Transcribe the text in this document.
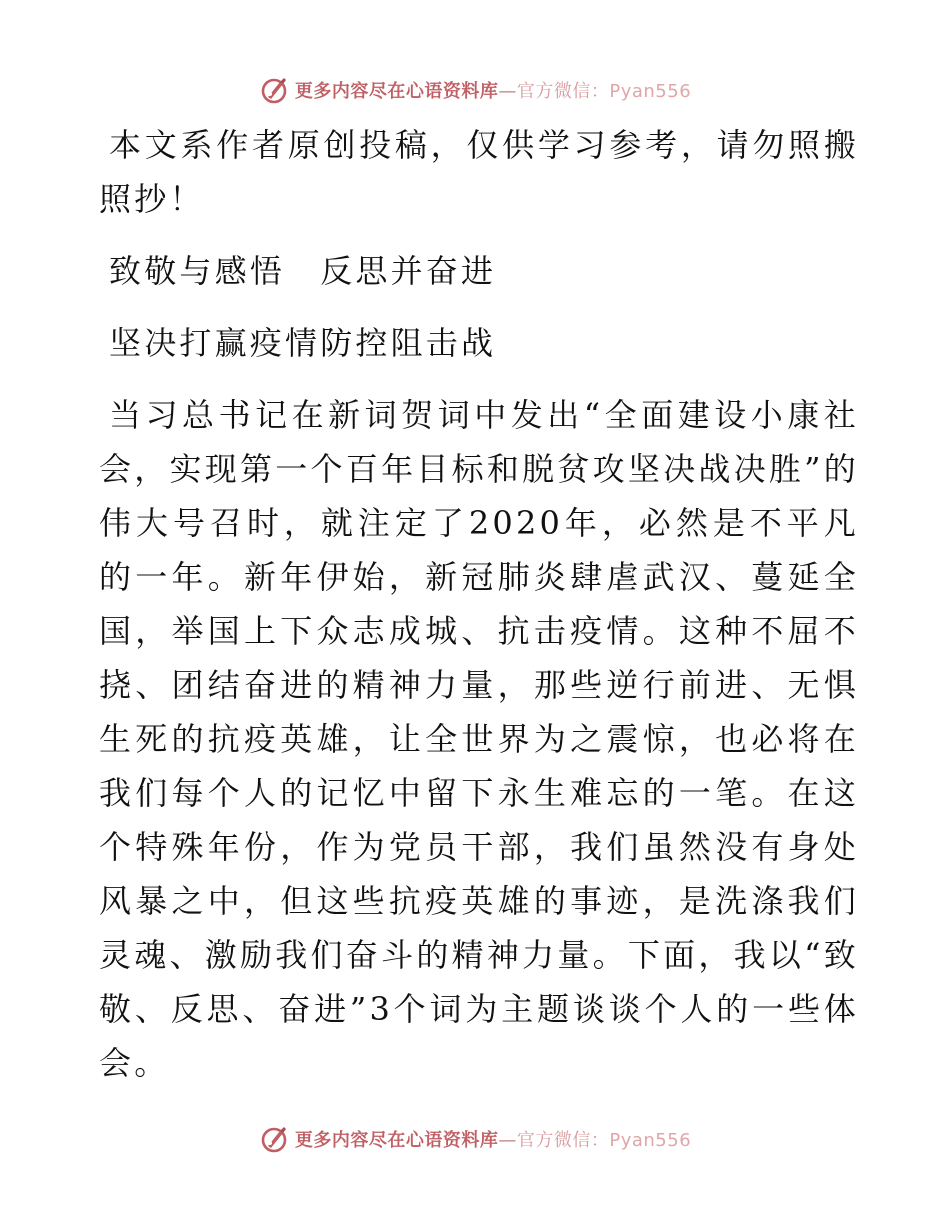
更多内容尽在心语资料库—官方微信：Pyan556

本文系作者原创投稿，仅供学习参考，请勿照搬照抄！

致敬与感悟　反思并奋进

坚决打赢疫情防控阻击战

当习总书记在新词贺词中发出“全面建设小康社会，实现第一个百年目标和脱贫攻坚决战决胜”的伟大号召时，就注定了2020年，必然是不平凡的一年。新年伊始，新冠肺炎肆虐武汉、蔓延全国，举国上下众志成城、抗击疫情。这种不屈不挠、团结奋进的精神力量，那些逆行前进、无惧生死的抗疫英雄，让全世界为之震惊，也必将在我们每个人的记忆中留下永生难忘的一笔。在这个特殊年份，作为党员干部，我们虽然没有身处风暴之中，但这些抗疫英雄的事迹，是洗涤我们灵魂、激励我们奋斗的精神力量。下面，我以“致敬、反思、奋进”3个词为主题谈谈个人的一些体会。

更多内容尽在心语资料库—官方微信：Pyan556
